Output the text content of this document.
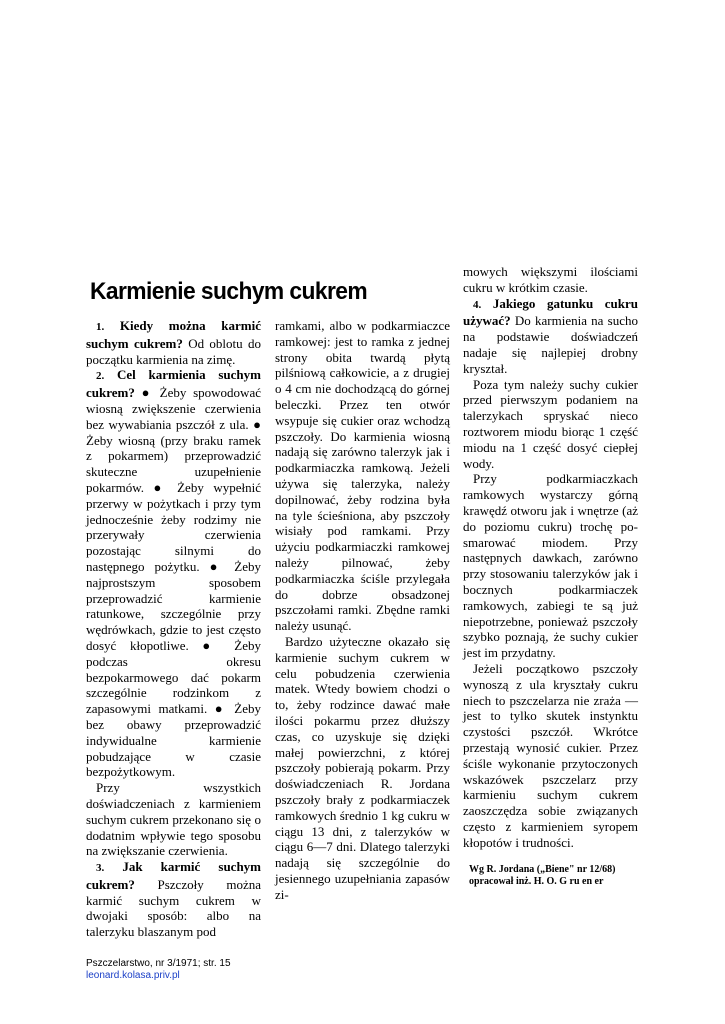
Karmienie suchym cukrem

1. Kiedy można karmić suchym cukrem? Od oblotu do początku karmienia na zimę.

2. Cel karmienia suchym cukrem? ● Żeby spowodować wiosną zwiększenie czerwienia bez wywabiania pszczół z ula. ● Żeby wiosną (przy braku ramek z pokarmem) przeprowadzić skuteczne uzupełnienie pokarmów. ● Żeby wypełnić przerwy w pożytkach i przy tym jednocześnie żeby rodzimy nie przerywały czerwienia pozostając silnymi do następnego pożytku. ● Żeby najprostszym sposobem przeprowadzić karmienie ratunkowe, szczególnie przy wędrówkach, gdzie to jest często dosyć kłopotliwe. ● Żeby podczas okresu bezpokarmowego dać pokarm szczególnie rodzinkom z zapasowymi matkami. ● Żeby bez obawy przeprowadzić indywidualne karmienie pobudzające w czasie bezpożytkowym.

Przy wszystkich doświadczeniach z karmieniem suchym cukrem przekonano się o dodatnim wpływie tego sposobu na zwiększanie czerwienia.

3. Jak karmić suchym cukrem? Pszczoły można karmić suchym cukrem w dwojaki sposób: albo na talerzyku blaszanym pod

ramkami, albo w podkarmiaczce ramkowej: jest to ramka z jednej strony obita twardą płytą pilśniową całkowicie, a z drugiej o 4 cm nie dochodzącą do górnej beleczki. Przez ten otwór wsypuje się cukier oraz wchodzą pszczoły. Do karmienia wiosną nadają się zarówno talerzyk jak i podkarmiaczka ramkową. Jeżeli używa się talerzyka, należy dopilnować, żeby rodzina była na tyle ścieśniona, aby pszczoły wisiały pod ramkami. Przy użyciu podkarmiaczki ramkowej należy pilnować, żeby podkarmiaczka ściśle przylegała do dobrze obsadzonej pszczołami ramki. Zbędne ramki należy usunąć.

Bardzo użyteczne okazało się karmienie suchym cukrem w celu pobudzenia czerwienia matek. Wtedy bowiem chodzi o to, żeby rodzince dawać małe ilości pokarmu przez dłuższy czas, co uzyskuje się dzięki małej powierzchni, z której pszczoły pobierają pokarm. Przy doświadczeniach R. Jordana pszczoły brały z podkarmiaczek ramkowych średnio 1 kg cukru w ciągu 13 dni, z talerzyków w ciągu 6—7 dni. Dlatego talerzyki nadają się szczególnie do jesiennego uzupełniania zapasów zi-

mowych większymi ilościami cukru w krótkim czasie.

4. Jakiego gatunku cukru używać? Do karmienia na sucho na podstawie doświadczeń nadaje się najlepiej drobny kryształ.

Poza tym należy suchy cukier przed pierwszym podaniem na talerzykach spryskać nieco roztworem miodu biorąc 1 część miodu na 1 część dosyć ciepłej wody.

Przy podkarmiaczkach ramkowych wystarczy górną krawędź otworu jak i wnętrze (aż do poziomu cukru) trochę po-smarować miodem. Przy następnych dawkach, zarówno przy stosowaniu talerzyków jak i bocznych podkarmiaczek ramkowych, zabiegi te są już niepotrzebne, ponieważ pszczoły szybko poznają, że suchy cukier jest im przydatny.

Jeżeli początkowo pszczoły wynoszą z ula kryształy cukru niech to pszczelarza nie zraża — jest to tylko skutek instynktu czystości pszczół. Wkrótce przestają wynosić cukier. Przez ściśle wykonanie przytoczonych wskazówek pszczelarz przy karmieniu suchym cukrem zaoszczędza sobie związanych często z karmieniem syropem kłopotów i trudności.

Wg R. Jordana („Biene" nr 12/68)
opracował inż. H. O. G ru en er
Pszczelarstwo, nr 3/1971; str. 15
leonard.kolasa.priv.pl
